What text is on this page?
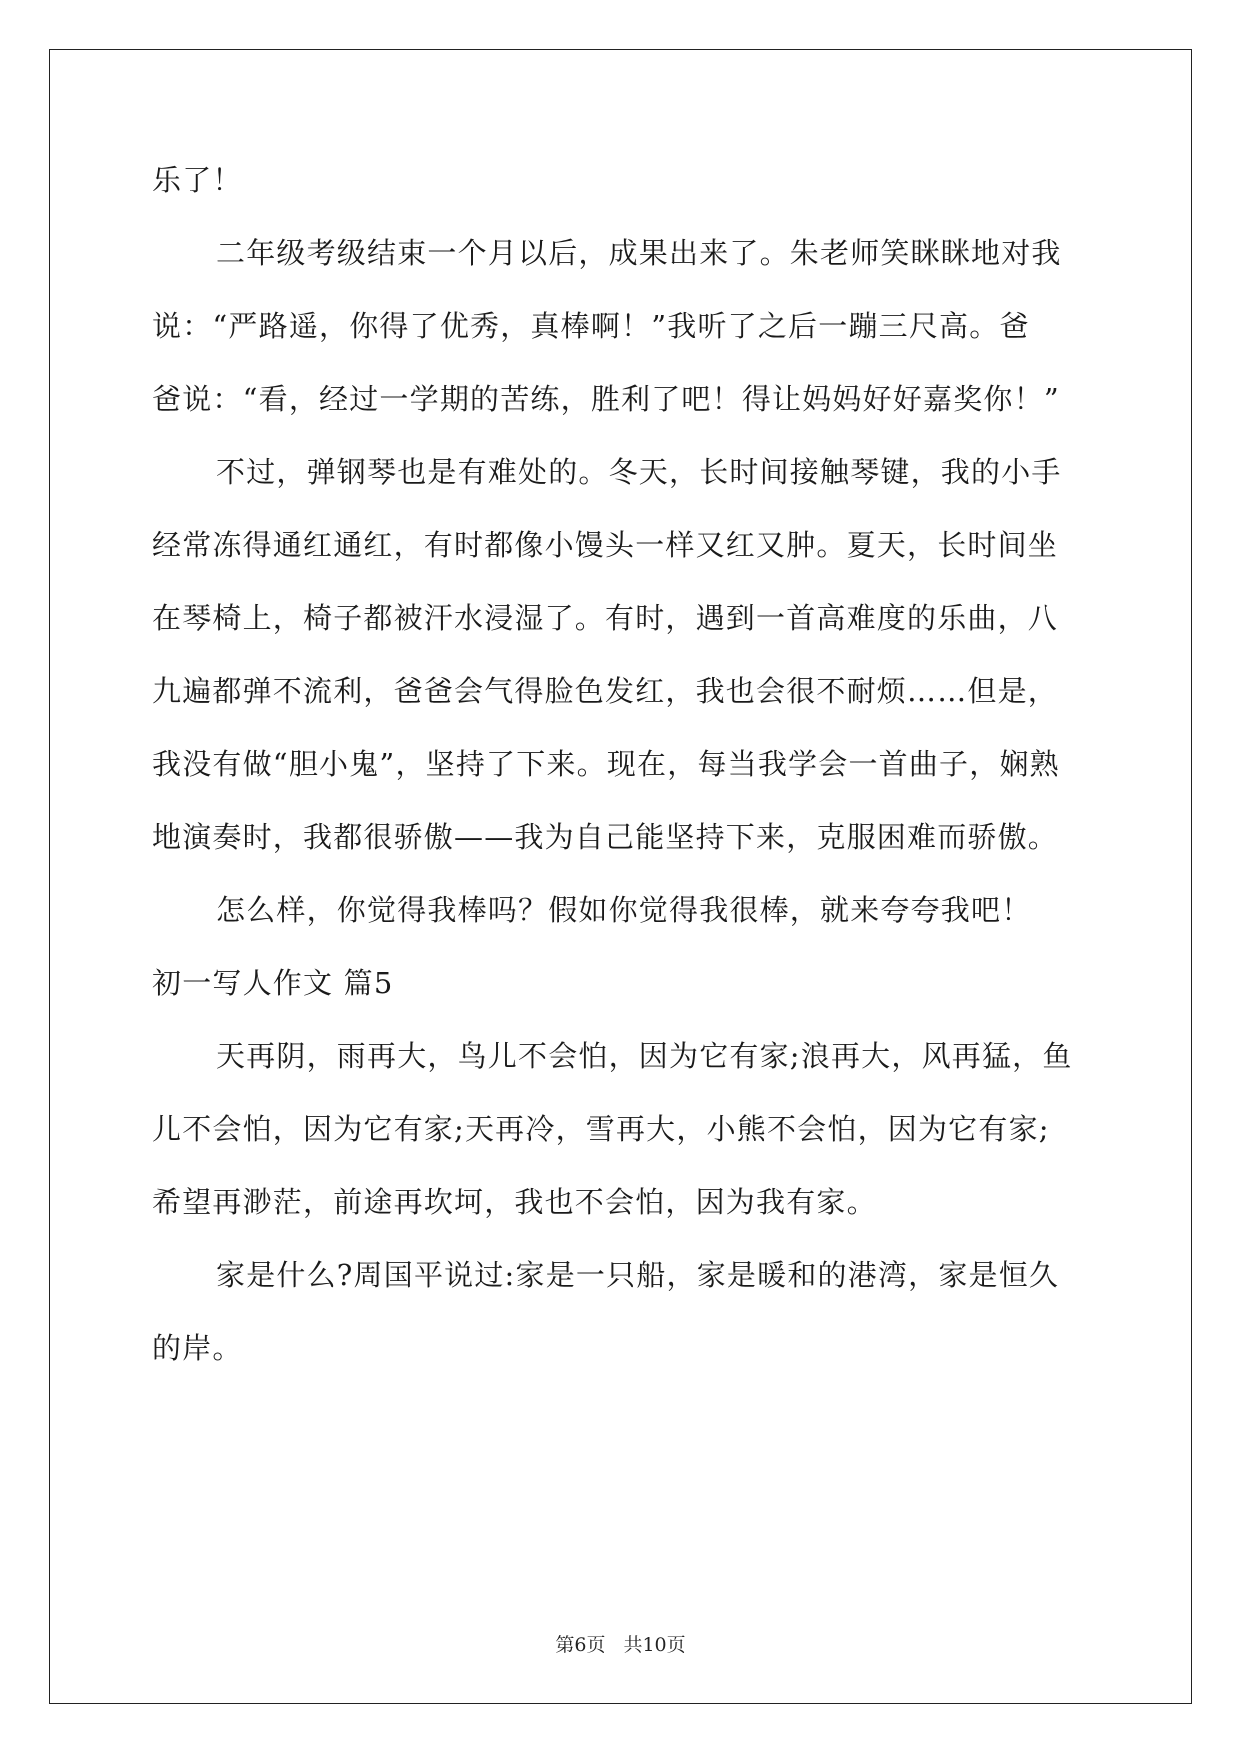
乐了！
二年级考级结束一个月以后，成果出来了。朱老师笑眯眯地对我
说：“严路遥，你得了优秀，真棒啊！”我听了之后一蹦三尺高。爸
爸说：“看，经过一学期的苦练，胜利了吧！得让妈妈好好嘉奖你！”
不过，弹钢琴也是有难处的。冬天，长时间接触琴键，我的小手
经常冻得通红通红，有时都像小馒头一样又红又肿。夏天，长时间坐
在琴椅上，椅子都被汗水浸湿了。有时，遇到一首高难度的乐曲，八
九遍都弹不流利，爸爸会气得脸色发红，我也会很不耐烦……但是，
我没有做“胆小鬼”，坚持了下来。现在，每当我学会一首曲子，娴熟
地演奏时，我都很骄傲——我为自己能坚持下来，克服困难而骄傲。
怎么样，你觉得我棒吗？假如你觉得我很棒，就来夸夸我吧！
初一写人作文 篇5
天再阴，雨再大，鸟儿不会怕，因为它有家;浪再大，风再猛，鱼
儿不会怕，因为它有家;天再冷，雪再大，小熊不会怕，因为它有家;
希望再渺茫，前途再坎坷，我也不会怕，因为我有家。
家是什么?周国平说过:家是一只船，家是暖和的港湾，家是恒久
的岸。
第6页 共10页
